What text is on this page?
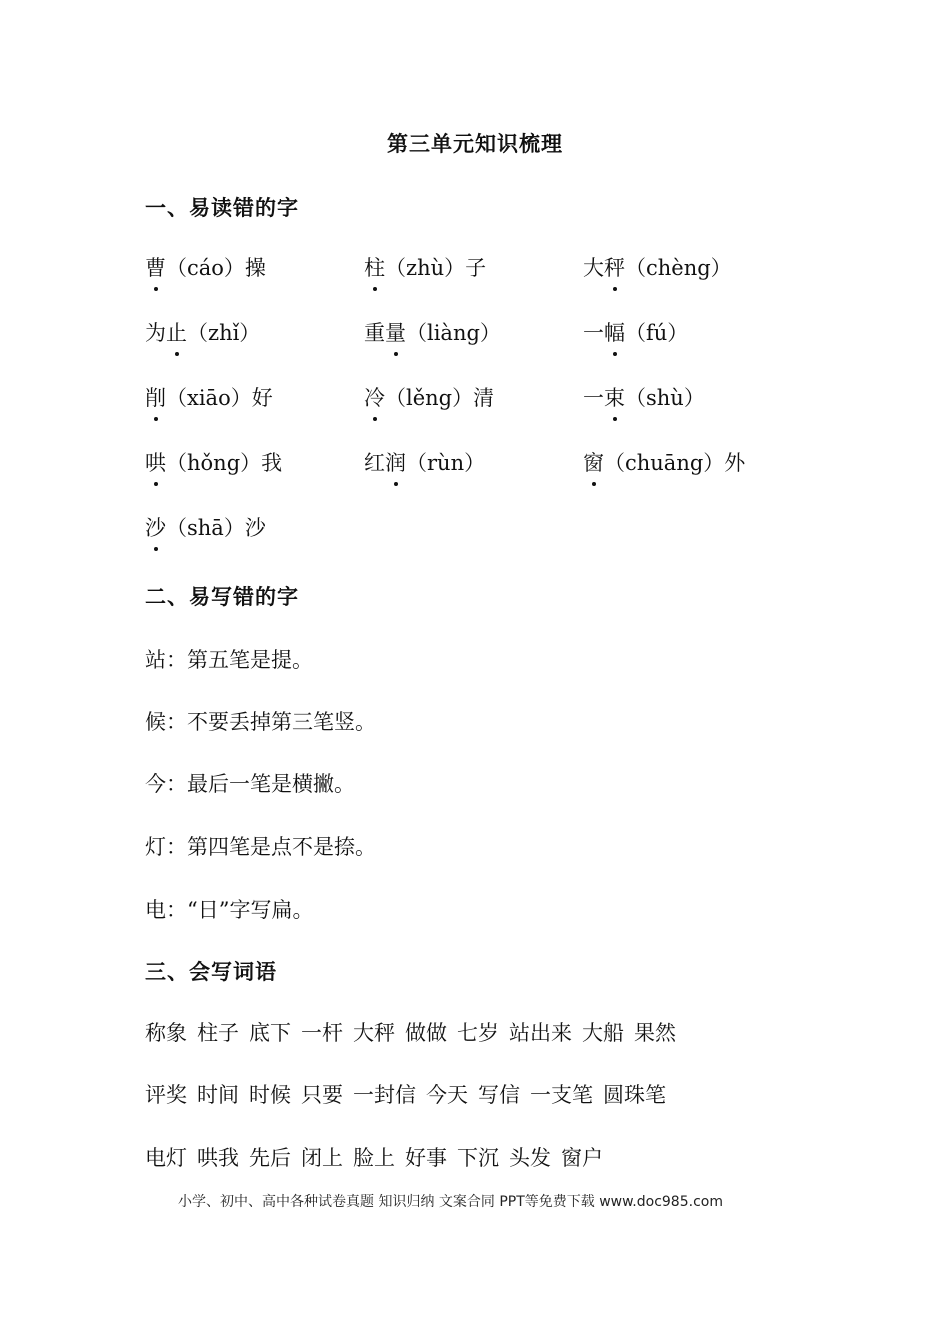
第三单元知识梳理
一、易读错的字
曹（cáo）操	柱（zhù）子	大秤（chèng）
为止（zhǐ）	重量（liàng）	一幅（fú）
削（xiāo）好	冷（lěng）清	一束（shù）
哄（hǒng）我	红润（rùn）	窗（chuāng）外
沙（shā）沙
二、易写错的字
站：第五笔是提。
候：不要丢掉第三笔竖。
今：最后一笔是横撇。
灯：第四笔是点不是捺。
电：“日”字写扁。
三、会写词语
称象 柱子 底下 一杆 大秤 做做 七岁 站出来 大船 果然
评奖 时间 时候 只要 一封信 今天 写信 一支笔 圆珠笔
电灯 哄我 先后 闭上 脸上 好事 下沉 头发 窗户
小学、初中、高中各种试卷真题 知识归纳 文案合同 PPT等免费下载 www.doc985.com
